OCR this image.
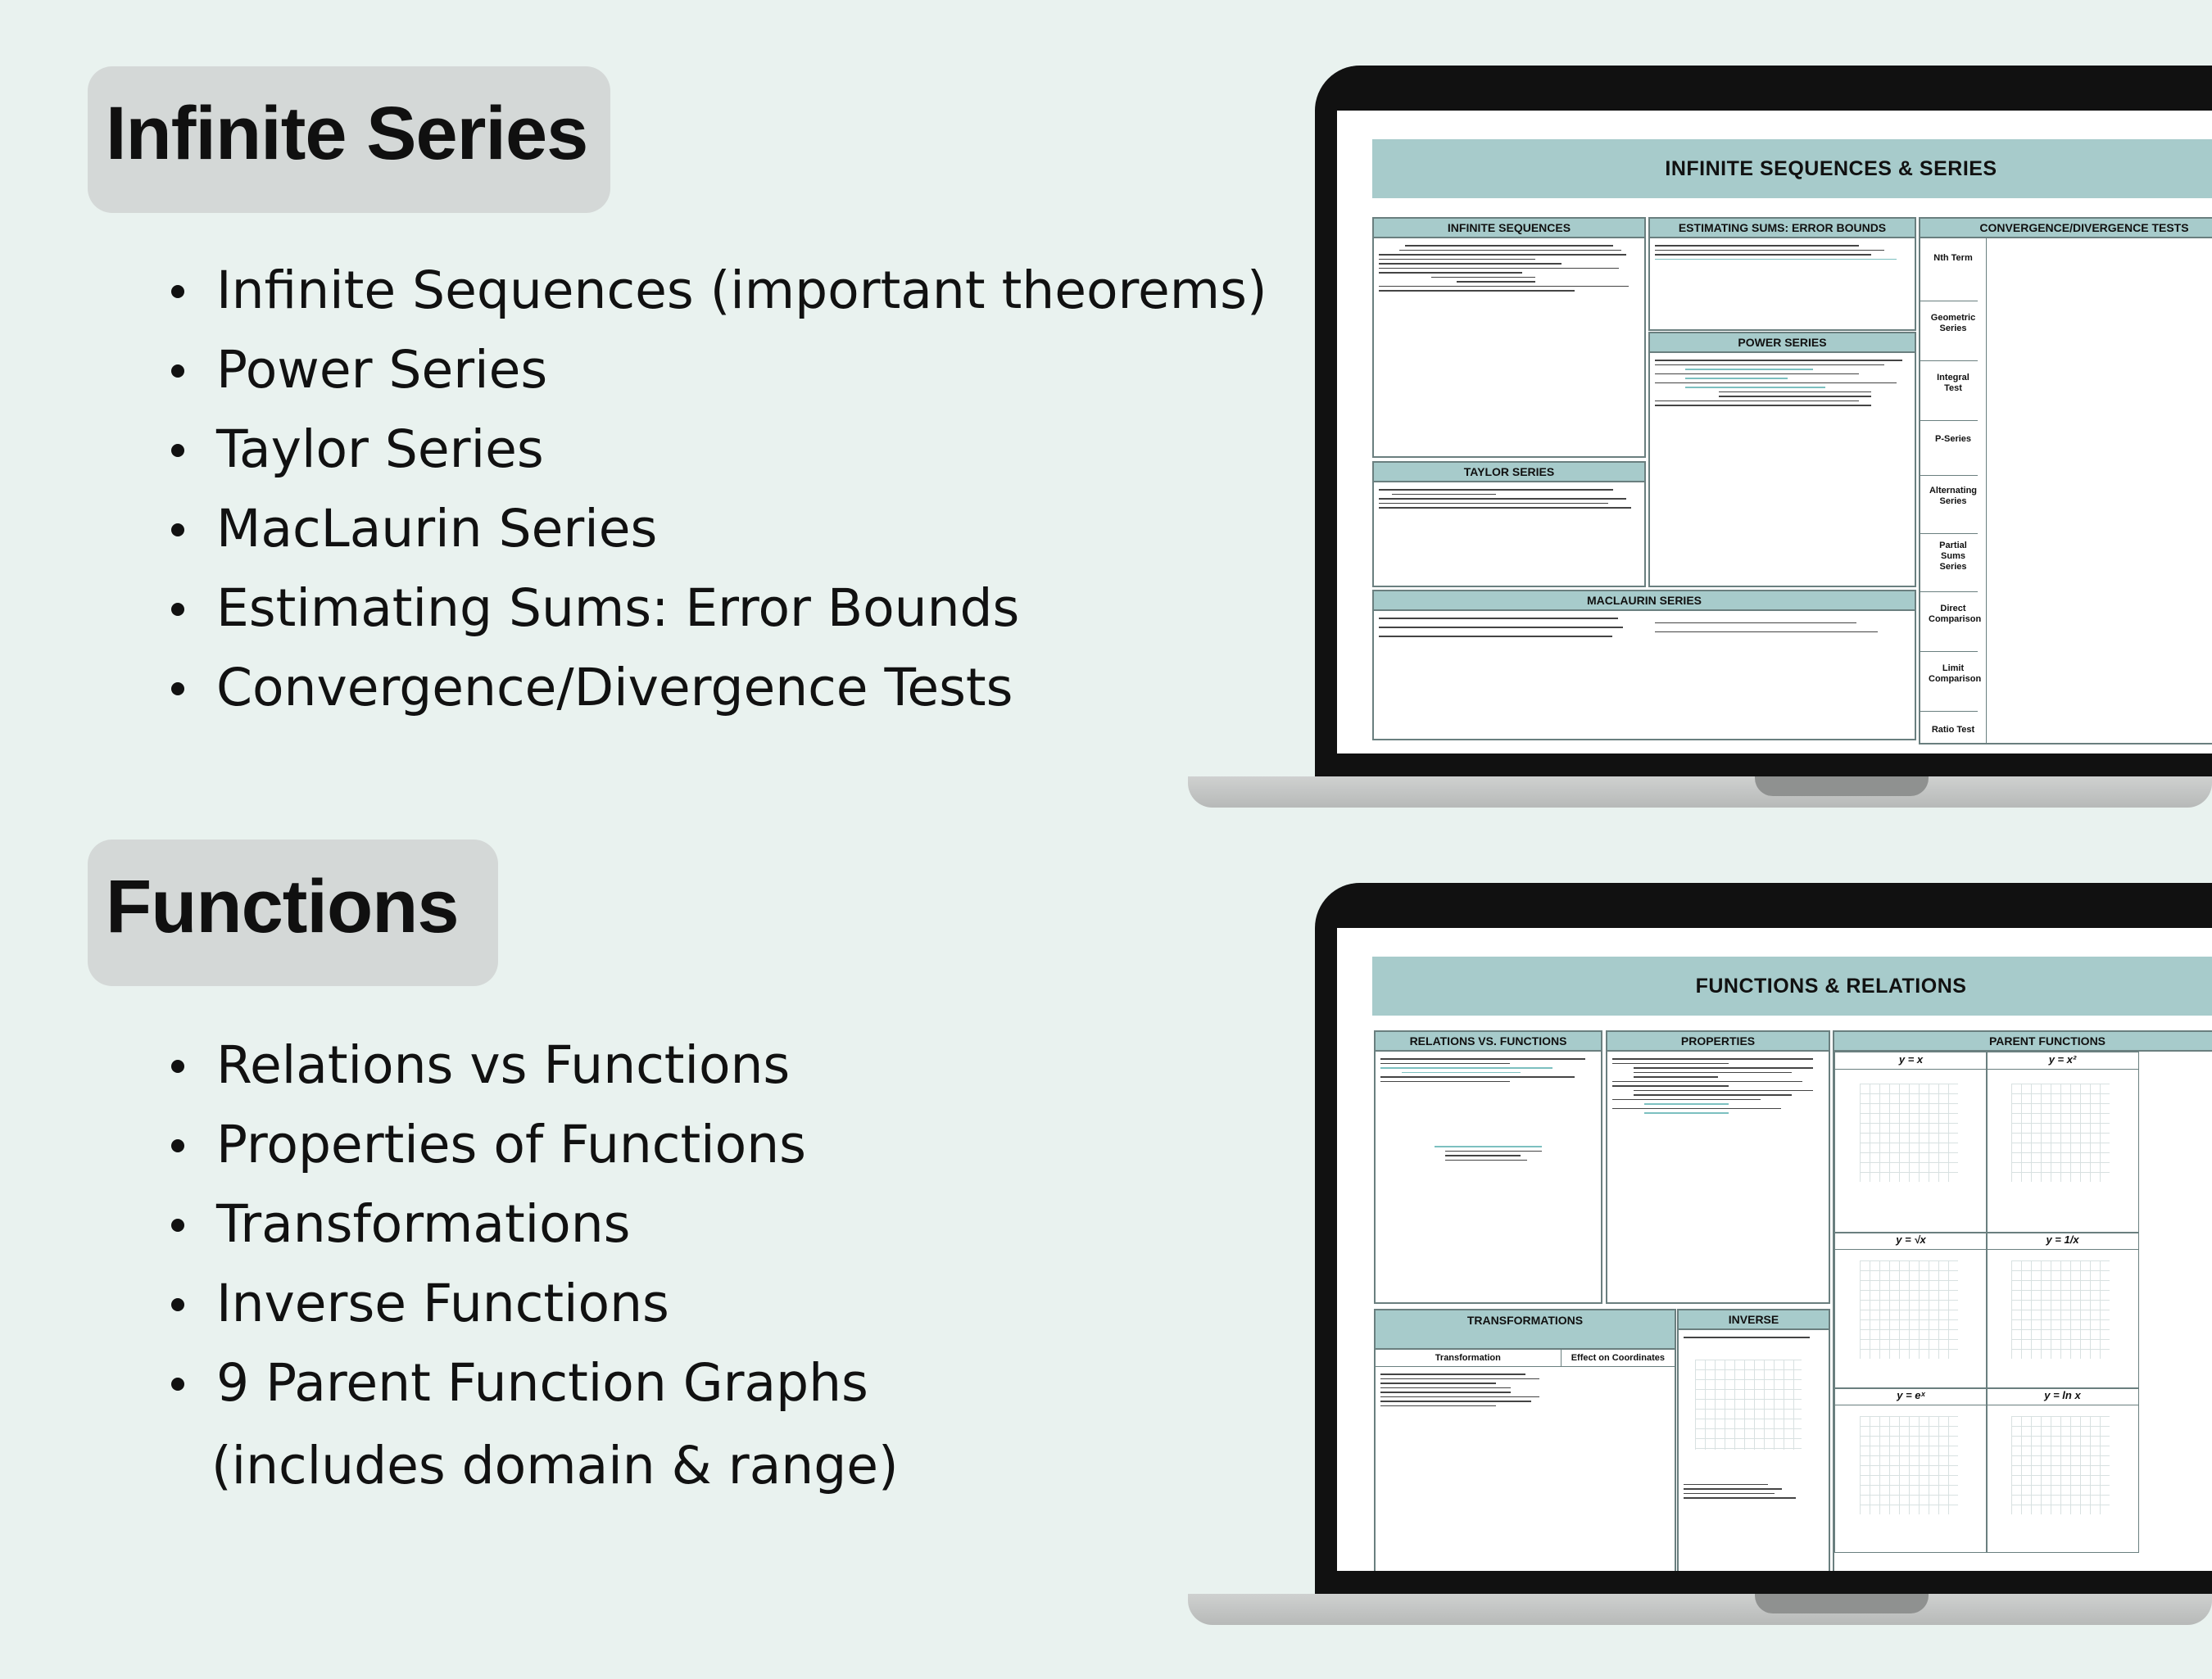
Infinite Series
Infinite Sequences (important theorems)
Power Series
Taylor Series
MacLaurin Series
Estimating Sums: Error Bounds
Convergence/Divergence Tests
Functions
Relations vs Functions
Properties of Functions
Transformations
Inverse Functions
9 Parent Function Graphs
(includes domain & range)
INFINITE SEQUENCES & SERIES
INFINITE SEQUENCES
TAYLOR SERIES
MACLAURIN SERIES
ESTIMATING SUMS: ERROR BOUNDS
POWER SERIES
CONVERGENCE/DIVERGENCE TESTS
Nth Term
Geometric Series
Integral Test
P-Series
Alternating Series
Partial Sums Series
Direct Comparison
Limit Comparison
Ratio Test
FUNCTIONS & RELATIONS
RELATIONS VS. FUNCTIONS	PROPERTIES	PARENT FUNCTIONS
y = x	y = x²
y = √x	y = 1/x
y = eˣ	y = ln x
TRANSFORMATIONS
Transformation	Effect on Coordinates
INVERSE
